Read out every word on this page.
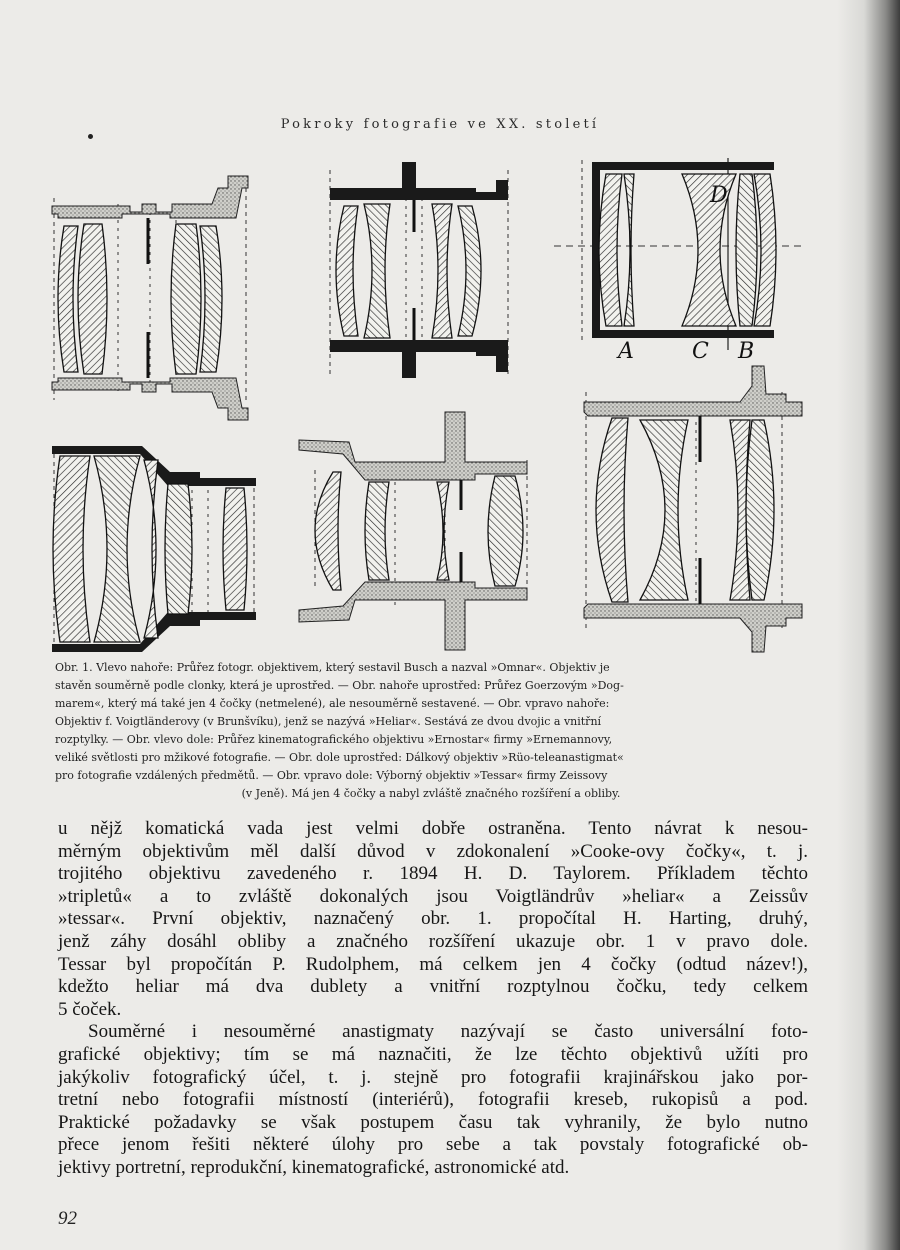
Pokroky fotografie ve XX. století
A	C B
D
Obr. 1. Vlevo nahoře: Průřez fotogr. objektivem, který sestavil Busch a nazval »Omnar«. Objektiv je
stavěn souměrně podle clonky, která je uprostřed. — Obr. nahoře uprostřed: Průřez Goerzovým »Dog-
marem«, který má také jen 4 čočky (netmelené), ale nesouměrně sestavené. — Obr. vpravo nahoře:
Objektiv f. Voigtländerovy (v Brunšvíku), jenž se nazývá »Heliar«. Sestává ze dvou dvojic a vnitřní
rozptylky. — Obr. vlevo dole: Průřez kinematografického objektivu »Ernostar« firmy »Ernemannovy,
veliké světlosti pro mžikové fotografie. — Obr. dole uprostřed: Dálkový objektiv »Rüo-teleanastigmat«
pro fotografie vzdálených předmětů. — Obr. vpravo dole: Výborný objektiv »Tessar« firmy Zeissovy
(v Jeně). Má jen 4 čočky a nabyl zvláště značného rozšíření a obliby.

u nějž komatická vada jest velmi dobře ostraněna. Tento návrat k nesou-
měrným objektivům měl další důvod v zdokonalení »Cooke-ovy čočky«, t. j.
trojitého objektivu zavedeného r. 1894 H. D. Taylorem. Příkladem těchto
»tripletů« a to zvláště dokonalých jsou Voigtländrův »heliar« a Zeissův
»tessar«. První objektiv, naznačený obr. 1. propočítal H. Harting, druhý,
jenž záhy dosáhl obliby a značného rozšíření ukazuje obr. 1 v pravo dole.
Tessar byl propočítán P. Rudolphem, má celkem jen 4 čočky (odtud název!),
kdežto heliar má dva dublety a vnitřní rozptylnou čočku, tedy celkem
5 čoček.

Souměrné i nesouměrné anastigmaty nazývají se často universální foto-
grafické objektivy; tím se má naznačiti, že lze těchto objektivů užíti pro
jakýkoliv fotografický účel, t. j. stejně pro fotografii krajinářskou jako por-
tretní nebo fotografii místností (interiérů), fotografii kreseb, rukopisů a pod.
Praktické požadavky se však postupem času tak vyhranily, že bylo nutno
přece jenom řešiti některé úlohy pro sebe a tak povstaly fotografické ob-
jektivy portretní, reprodukční, kinematografické, astronomické atd.

92
